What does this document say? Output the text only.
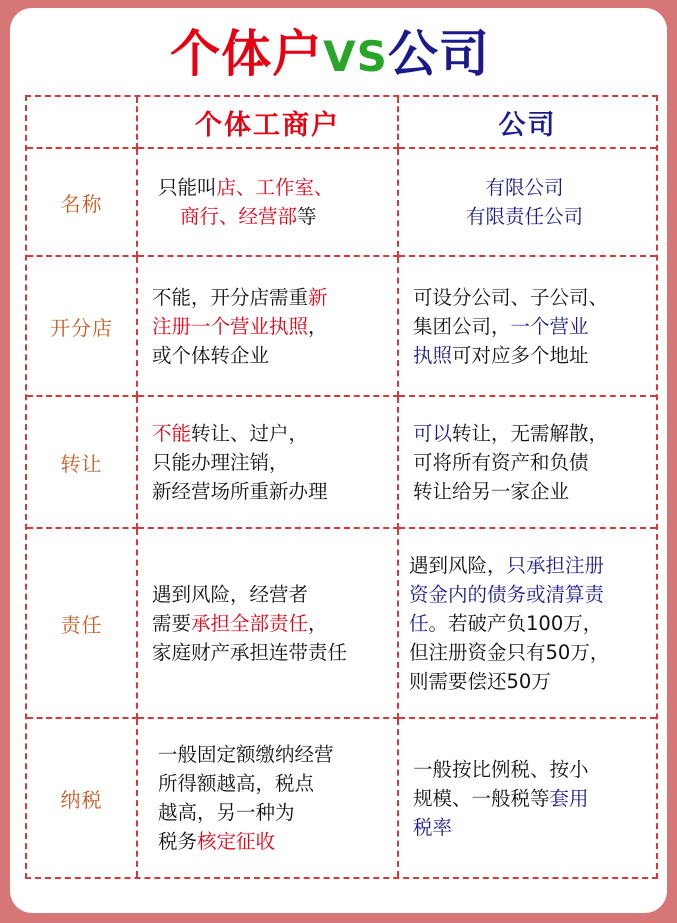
个体户VS公司
个体工商户	公司
名称
只能叫店、工作室、
商行、经营部等
有限公司
有限责任公司
开分店
不能，开分店需重新
注册一个营业执照，
或个体转企业
可设分公司、子公司、
集团公司，一个营业
执照可对应多个地址
转让
不能转让、过户，
只能办理注销，
新经营场所重新办理
可以转让，无需解散，
可将所有资产和负债
转让给另一家企业
责任
遇到风险，经营者
需要承担全部责任，
家庭财产承担连带责任
遇到风险，只承担注册
资金内的债务或清算责
任。若破产负100万，
但注册资金只有50万，
则需要偿还50万
纳税
一般固定额缴纳经营
所得额越高，税点
越高，另一种为
税务核定征收
一般按比例税、按小
规模、一般税等套用
税率
